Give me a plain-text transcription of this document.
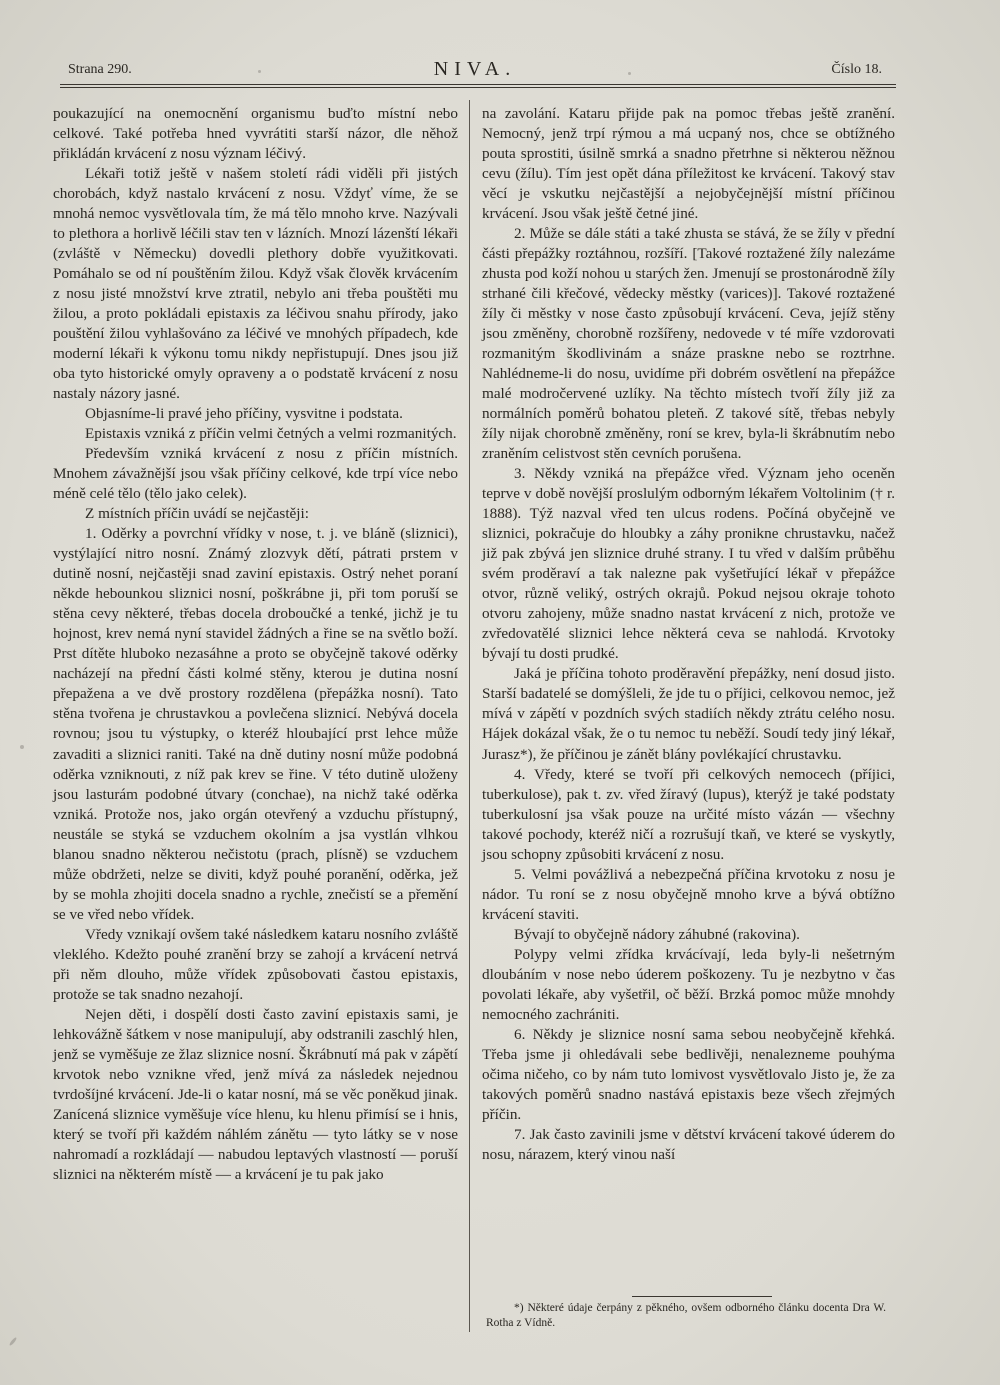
Strana 290.	NIVA.	Číslo 18.

poukazující na onemocnění organismu buďto místní nebo celkové. Také potřeba hned vyvrátiti starší názor, dle něhož přikládán krvácení z nosu význam léčivý.

Lékaři totiž ještě v našem století rádi viděli při jistých chorobách, když nastalo krvácení z nosu. Vždyť víme, že se mnohá nemoc vysvětlovala tím, že má tělo mnoho krve. Nazývali to plethora a horlivě léčili stav ten v lázních. Mnozí lázenští lékaři (zvláště v Německu) dovedli plethory dobře využitkovati. Pomáhalo se od ní pouštěním žilou. Když však člověk krvácením z nosu jisté množství krve ztratil, nebylo ani třeba pouštěti mu žilou, a proto pokládali epistaxis za léčivou snahu přírody, jako pouštění žilou vyhlašováno za léčivé ve mnohých případech, kde moderní lékaři k výkonu tomu nikdy nepřistupují. Dnes jsou již oba tyto historické omyly opraveny a o podstatě krvácení z nosu nastaly názory jasné.

Objasníme-li pravé jeho příčiny, vysvitne i podstata.

Epistaxis vzniká z příčin velmi četných a velmi rozmanitých.

Především vzniká krvácení z nosu z příčin místních. Mnohem závažnější jsou však příčiny celkové, kde trpí více nebo méně celé tělo (tělo jako celek).

Z místních příčin uvádí se nejčastěji:

1. Oděrky a povrchní vřídky v nose, t. j. ve bláně (sliznici), vystýlající nitro nosní. Známý zlozvyk dětí, pátrati prstem v dutině nosní, nejčastěji snad zaviní epistaxis. Ostrý nehet poraní někde hebounkou sliznici nosní, poškrábne ji, při tom poruší se stěna cevy některé, třebas docela droboučké a tenké, jichž je tu hojnost, krev nemá nyní stavidel žádných a řine se na světlo boží. Prst dítěte hluboko nezasáhne a proto se obyčejně takové oděrky nacházejí na přední části kolmé stěny, kterou je dutina nosní přepažena a ve dvě prostory rozdělena (přepážka nosní). Tato stěna tvořena je chrustavkou a povlečena sliznicí. Nebývá docela rovnou; jsou tu výstupky, o kteréž hloubající prst lehce může zavaditi a sliznici raniti. Také na dně dutiny nosní může podobná oděrka vzniknouti, z níž pak krev se řine. V této dutině uloženy jsou lasturám podobné útvary (conchae), na nichž také oděrka vzniká. Protože nos, jako orgán otevřený a vzduchu přístupný, neustále se styká se vzduchem okolním a jsa vystlán vlhkou blanou snadno některou nečistotu (prach, plísně) se vzduchem může obdržeti, nelze se diviti, když pouhé poranění, oděrka, jež by se mohla zhojiti docela snadno a rychle, znečistí se a přemění se ve vřed nebo vřídek.

Vředy vznikají ovšem také následkem kataru nosního zvláště vleklého. Kdežto pouhé zranění brzy se zahojí a krvácení netrvá při něm dlouho, může vřídek způsobovati častou epistaxis, protože se tak snadno nezahojí.

Nejen děti, i dospělí dosti často zaviní epistaxis sami, je lehkovážně šátkem v nose manipulují, aby odstranili zaschlý hlen, jenž se vyměšuje ze žlaz sliznice nosní. Škrábnutí má pak v zápětí krvotok nebo vznikne vřed, jenž mívá za následek nejednou tvrdošíjné krvácení. Jde-li o katar nosní, má se věc poněkud jinak. Zanícená sliznice vyměšuje více hlenu, ku hlenu přimísí se i hnis, který se tvoří při každém náhlém zánětu — tyto látky se v nose nahromadí a rozkládají — nabudou leptavých vlastností — poruší sliznici na některém místě — a krvácení je tu pak jako

na zavolání. Kataru přijde pak na pomoc třebas ještě zranění. Nemocný, jenž trpí rýmou a má ucpaný nos, chce se obtížného pouta sprostiti, úsilně smrká a snadno přetrhne si některou něžnou cevu (žílu). Tím jest opět dána příležitost ke krvácení. Takový stav věcí je vskutku nejčastější a nejobyčejnější místní příčinou krvácení. Jsou však ještě četné jiné.

2. Může se dále státi a také zhusta se stává, že se žíly v přední části přepážky roztáhnou, rozšíří. [Takové roztažené žíly nalezáme zhusta pod koží nohou u starých žen. Jmenují se prostonárodně žíly strhané čili křečové, vědecky městky (varices)]. Takové roztažené žíly či městky v nose často způsobují krvácení. Ceva, jejíž stěny jsou změněny, chorobně rozšířeny, nedovede v té míře vzdorovati rozmanitým škodlivinám a snáze praskne nebo se roztrhne. Nahlédneme-li do nosu, uvidíme při dobrém osvětlení na přepážce malé modročervené uzlíky. Na těchto místech tvoří žíly již za normálních poměrů bohatou pleteň. Z takové sítě, třebas nebyly žíly nijak chorobně změněny, roní se krev, byla-li škrábnutím nebo zraněním celistvost stěn cevních porušena.

3. Někdy vzniká na přepážce vřed. Význam jeho oceněn teprve v době novější proslulým odborným lékařem Voltolinim († r. 1888). Týž nazval vřed ten ulcus rodens. Počíná obyčejně ve sliznici, pokračuje do hloubky a záhy pronikne chrustavku, načež již pak zbývá jen sliznice druhé strany. I tu vřed v dalším průběhu svém proděraví a tak nalezne pak vyšetřující lékař v přepážce otvor, různě veliký, ostrých okrajů. Pokud nejsou okraje tohoto otvoru zahojeny, může snadno nastat krvácení z nich, protože ve zvředovatělé sliznici lehce některá ceva se nahlodá. Krvotoky bývají tu dosti prudké.

Jaká je příčina tohoto proděravění přepážky, není dosud jisto. Starší badatelé se domýšleli, že jde tu o příjici, celkovou nemoc, jež mívá v zápětí v pozdních svých stadiích někdy ztrátu celého nosu. Hájek dokázal však, že o tu nemoc tu neběží. Soudí tedy jiný lékař, Jurasz*), že příčinou je zánět blány povlékající chrustavku.

4. Vředy, které se tvoří při celkových nemocech (příjici, tuberkulose), pak t. zv. vřed žíravý (lupus), kterýž je také podstaty tuberkulosní jsa však pouze na určité místo vázán — všechny takové pochody, kteréž ničí a rozrušují tkaň, ve které se vyskytly, jsou schopny způsobiti krvácení z nosu.

5. Velmi povážlivá a nebezpečná příčina krvotoku z nosu je nádor. Tu roní se z nosu obyčejně mnoho krve a bývá obtížno krvácení staviti.

Bývají to obyčejně nádory záhubné (rakovina).

Polypy velmi zřídka krvácívají, leda byly-li nešetrným dloubáním v nose nebo úderem poškozeny. Tu je nezbytno v čas povolati lékaře, aby vyšetřil, oč běží. Brzká pomoc může mnohdy nemocného zachrániti.

6. Někdy je sliznice nosní sama sebou neobyčejně křehká. Třeba jsme ji ohledávali sebe bedlivěji, nenalezneme pouhýma očima ničeho, co by nám tuto lomivost vysvětlovalo Jisto je, že za takových poměrů snadno nastává epistaxis beze všech zřejmých příčin.

7. Jak často zavinili jsme v dětství krvácení takové úderem do nosu, nárazem, který vinou naší

*) Některé údaje čerpány z pěkného, ovšem odborného článku docenta Dra W. Rotha z Vídně.
